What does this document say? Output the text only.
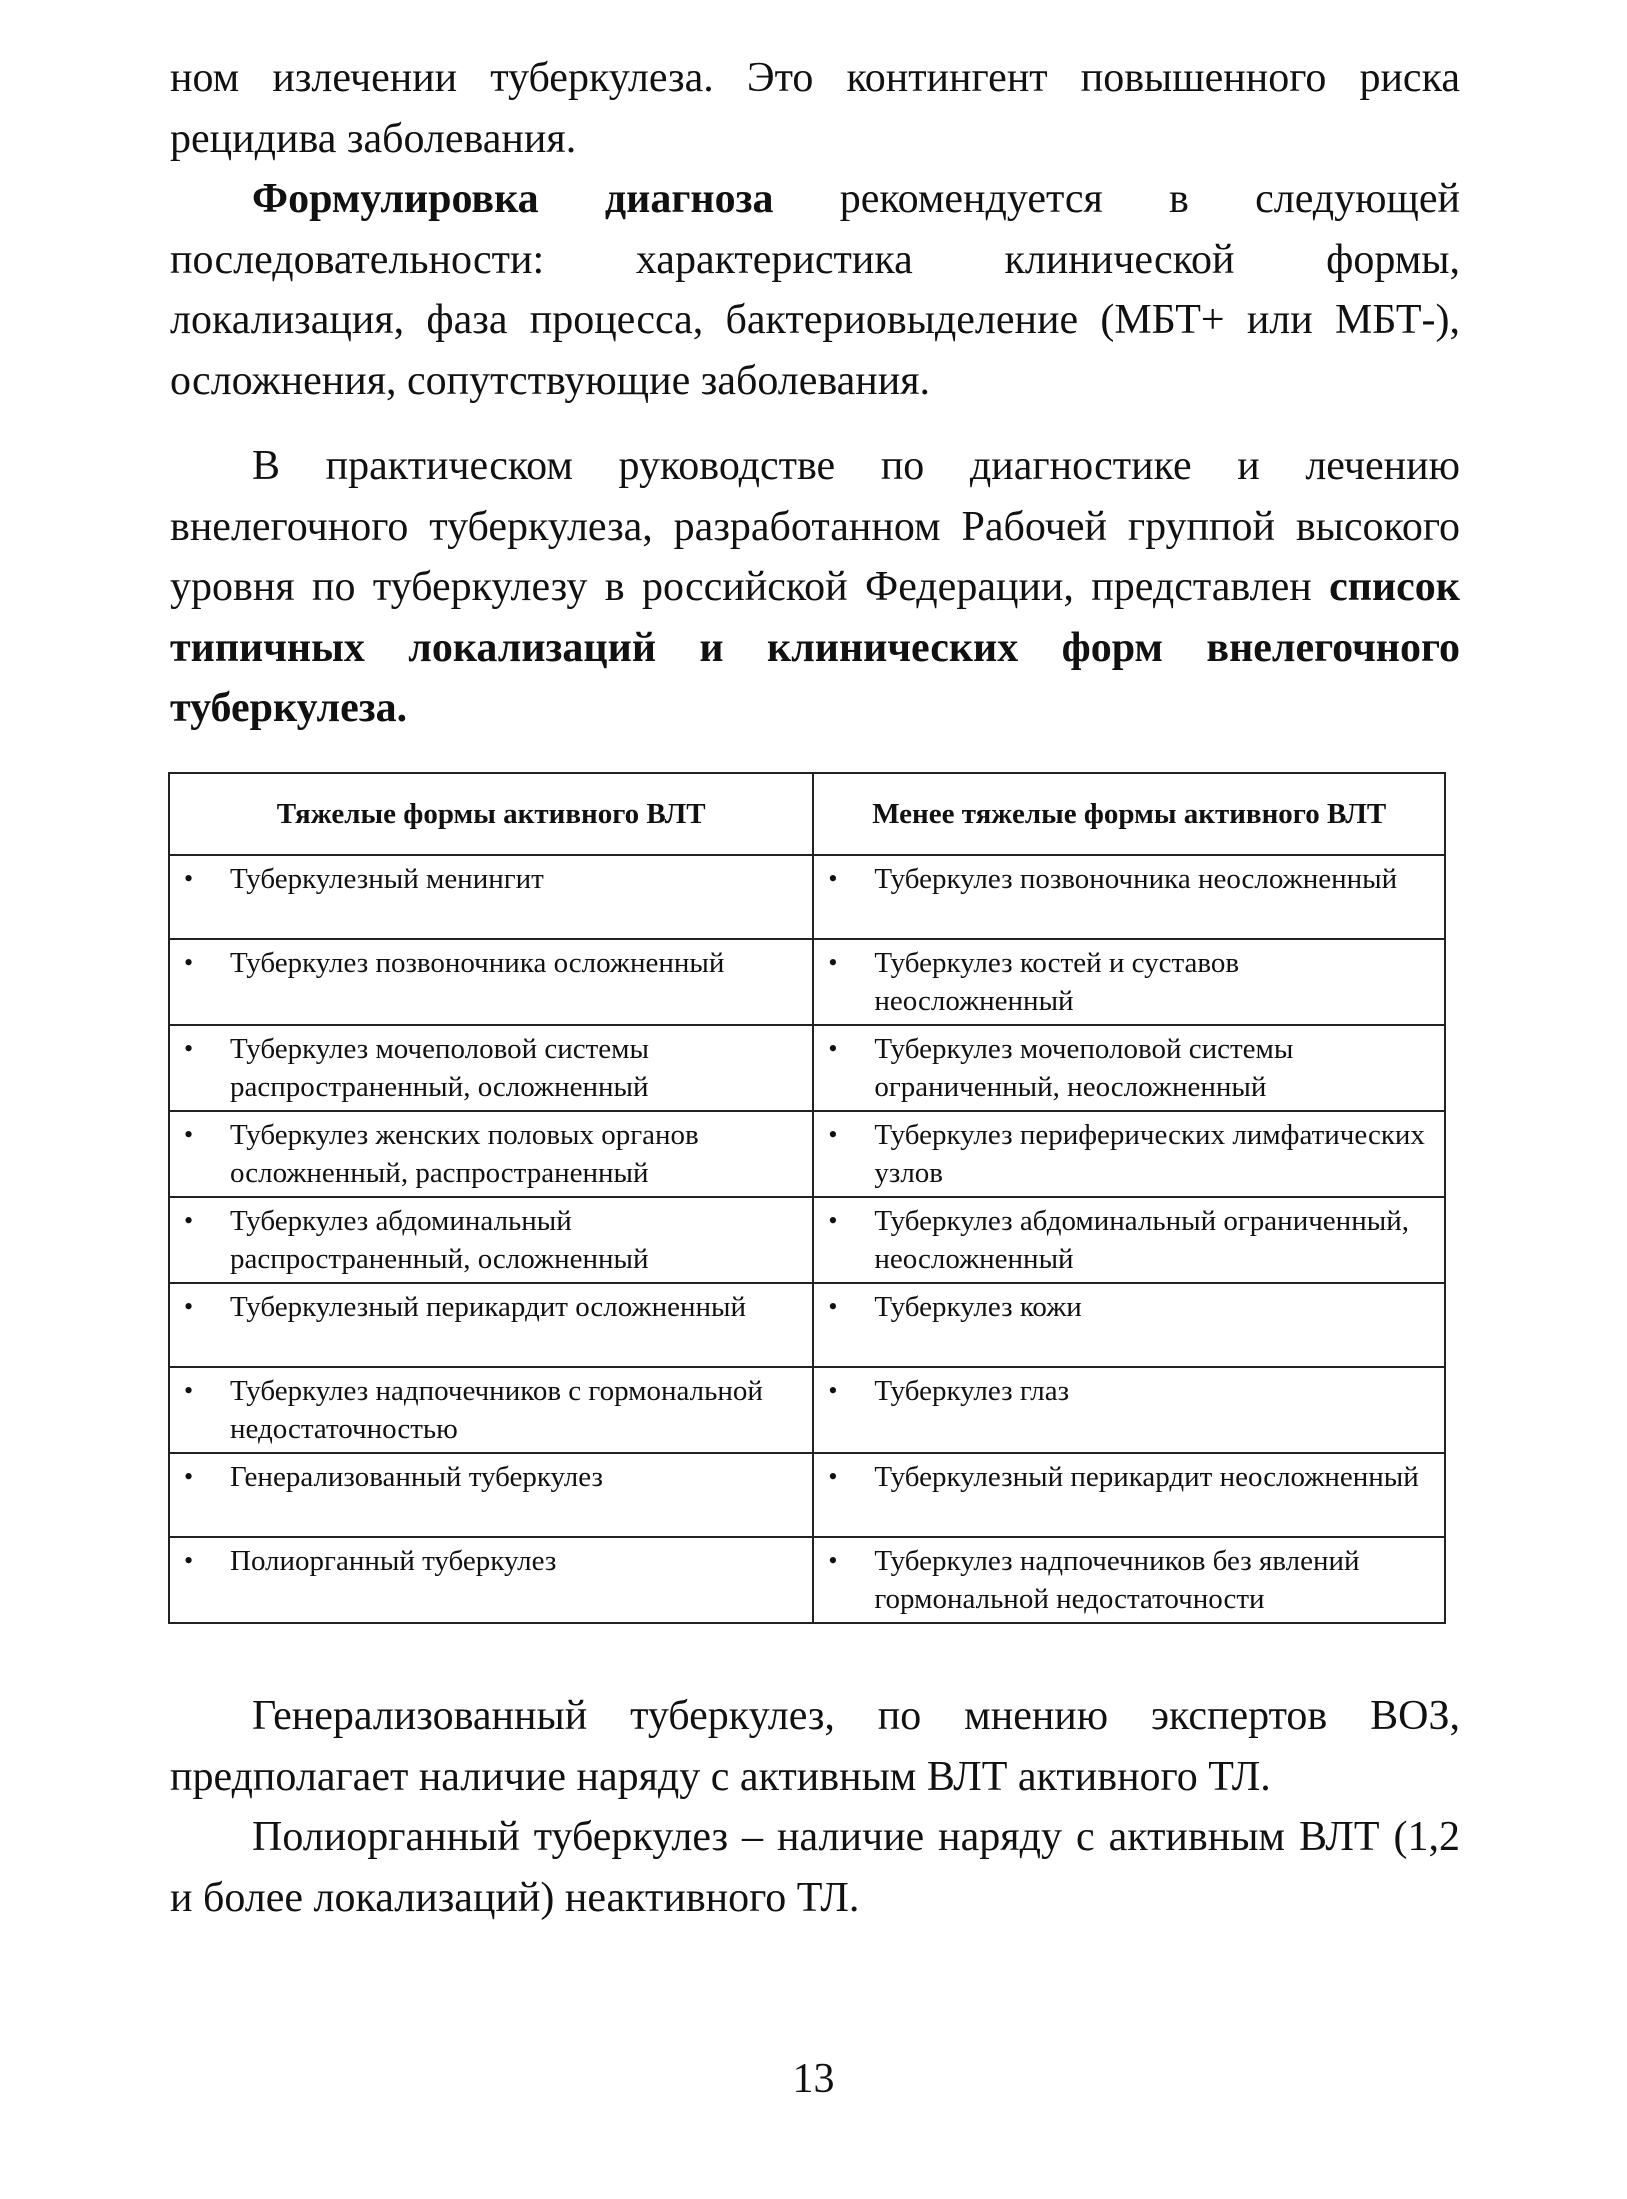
ном излечении туберкулеза. Это контингент повышенного риска рецидива заболевания.

Формулировка диагноза рекомендуется в следующей последовательности: характеристика клинической формы, локализация, фаза процесса, бактериовыделение (МБТ+ или МБТ-), осложнения, сопутствующие заболевания.

В практическом руководстве по диагностике и лечению внелегочного туберкулеза, разработанном Рабочей группой высокого уровня по туберкулезу в российской Федерации, представлен список типичных локализаций и клинических форм внелегочного туберкулеза.

Тяжелые формы активного ВЛТ	Менее тяжелые формы активного ВЛТ

• Туберкулезный менингит	• Туберкулез позвоночника неосложненный

• Туберкулез позвоночника осложненный	• Туберкулез костей и суставов неосложненный

• Туберкулез мочеполовой системы распространенный, осложненный	• Туберкулез мочеполовой системы ограниченный, неосложненный

• Туберкулез женских половых органов осложненный, распространенный	• Туберкулез периферических лимфатических узлов

• Туберкулез абдоминальный распространенный, осложненный	• Туберкулез абдоминальный ограниченный, неосложненный

• Туберкулезный перикардит осложненный	• Туберкулез кожи

• Туберкулез надпочечников с гормональной недостаточностью	• Туберкулез глаз

• Генерализованный туберкулез	• Туберкулезный перикардит неосложненный

• Полиорганный туберкулез	• Туберкулез надпочечников без явлений гормональной недостаточности

Генерализованный туберкулез, по мнению экспертов ВОЗ, предполагает наличие наряду с активным ВЛТ активного ТЛ.

Полиорганный туберкулез – наличие наряду с активным ВЛТ (1,2 и более локализаций) неактивного ТЛ.

13
